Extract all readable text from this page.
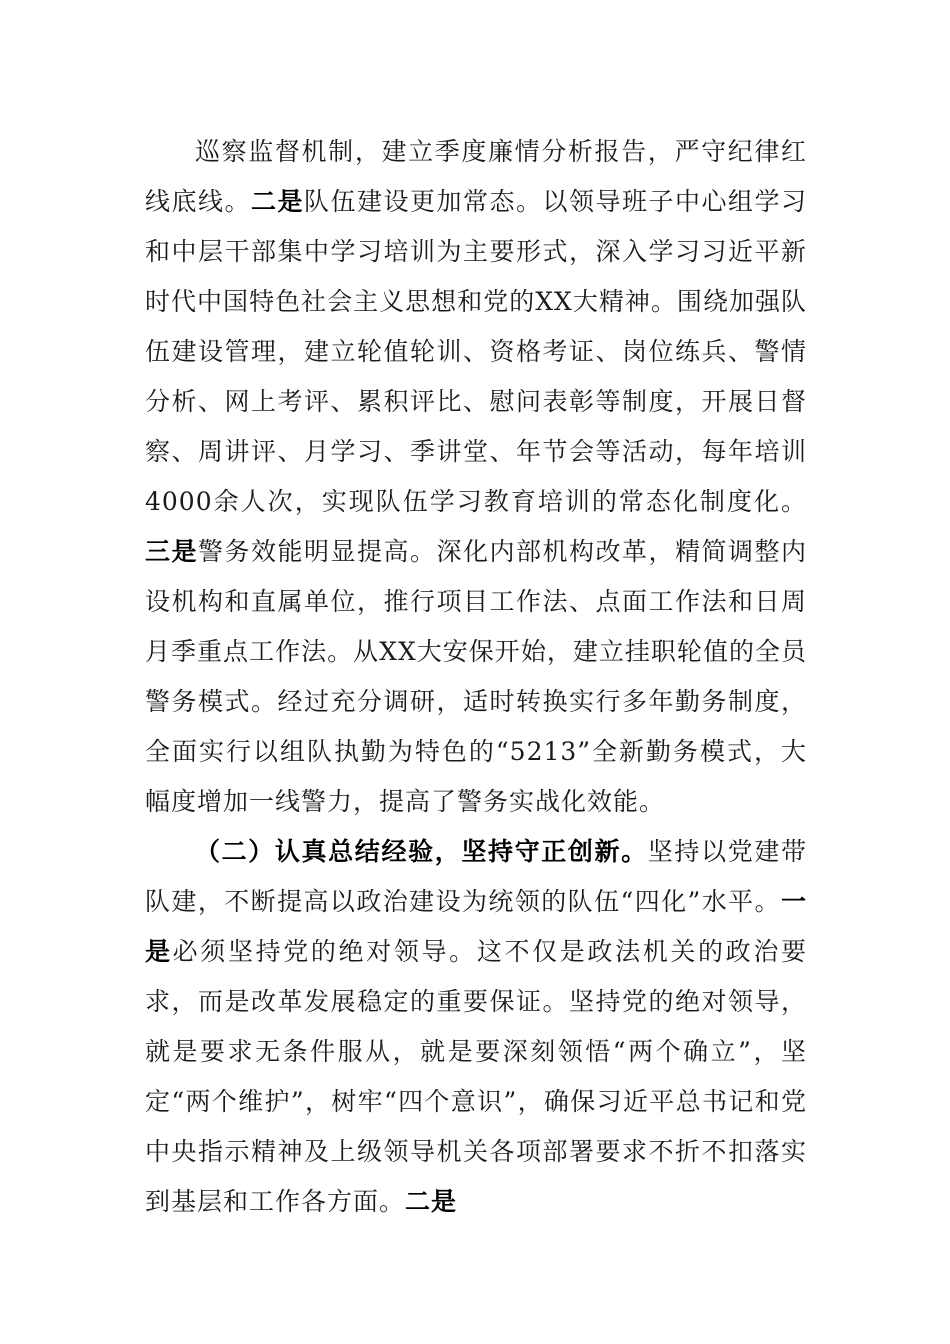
巡察监督机制，建立季度廉情分析报告，严守纪律红线底线。二是队伍建设更加常态。以领导班子中心组学习和中层干部集中学习培训为主要形式，深入学习习近平新时代中国特色社会主义思想和党的XX大精神。围绕加强队伍建设管理，建立轮值轮训、资格考证、岗位练兵、警情分析、网上考评、累积评比、慰问表彰等制度，开展日督察、周讲评、月学习、季讲堂、年节会等活动，每年培训4000余人次，实现队伍学习教育培训的常态化制度化。三是警务效能明显提高。深化内部机构改革，精简调整内设机构和直属单位，推行项目工作法、点面工作法和日周月季重点工作法。从XX大安保开始，建立挂职轮值的全员警务模式。经过充分调研，适时转换实行多年勤务制度，全面实行以组队执勤为特色的“5213”全新勤务模式，大幅度增加一线警力，提高了警务实战化效能。

（二）认真总结经验，坚持守正创新。坚持以党建带队建，不断提高以政治建设为统领的队伍“四化”水平。一是必须坚持党的绝对领导。这不仅是政法机关的政治要求，而是改革发展稳定的重要保证。坚持党的绝对领导，就是要求无条件服从，就是要深刻领悟“两个确立”，坚定“两个维护”，树牢“四个意识”，确保习近平总书记和党中央指示精神及上级领导机关各项部署要求不折不扣落实到基层和工作各方面。二是
